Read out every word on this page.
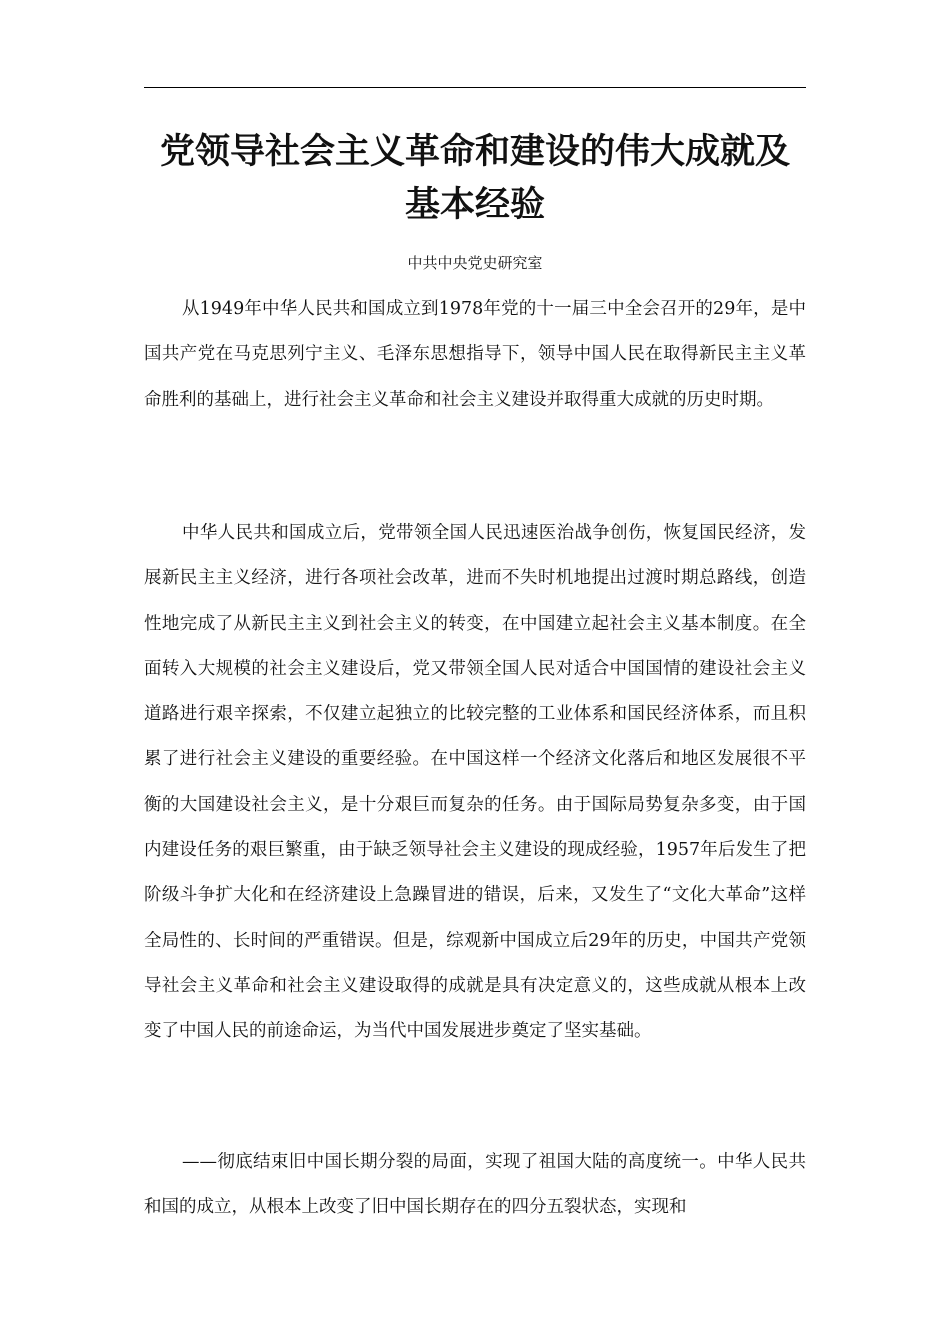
党领导社会主义革命和建设的伟大成就及基本经验
中共中央党史研究室

从1949年中华人民共和国成立到1978年党的十一届三中全会召开的29年，是中国共产党在马克思列宁主义、毛泽东思想指导下，领导中国人民在取得新民主主义革命胜利的基础上，进行社会主义革命和社会主义建设并取得重大成就的历史时期。

中华人民共和国成立后，党带领全国人民迅速医治战争创伤，恢复国民经济，发展新民主主义经济，进行各项社会改革，进而不失时机地提出过渡时期总路线，创造性地完成了从新民主主义到社会主义的转变，在中国建立起社会主义基本制度。在全面转入大规模的社会主义建设后，党又带领全国人民对适合中国国情的建设社会主义道路进行艰辛探索，不仅建立起独立的比较完整的工业体系和国民经济体系，而且积累了进行社会主义建设的重要经验。在中国这样一个经济文化落后和地区发展很不平衡的大国建设社会主义，是十分艰巨而复杂的任务。由于国际局势复杂多变，由于国内建设任务的艰巨繁重，由于缺乏领导社会主义建设的现成经验，1957年后发生了把阶级斗争扩大化和在经济建设上急躁冒进的错误，后来，又发生了“文化大革命”这样全局性的、长时间的严重错误。但是，综观新中国成立后29年的历史，中国共产党领导社会主义革命和社会主义建设取得的成就是具有决定意义的，这些成就从根本上改变了中国人民的前途命运，为当代中国发展进步奠定了坚实基础。

——彻底结束旧中国长期分裂的局面，实现了祖国大陆的高度统一。中华人民共和国的成立，从根本上改变了旧中国长期存在的四分五裂状态，实现和
